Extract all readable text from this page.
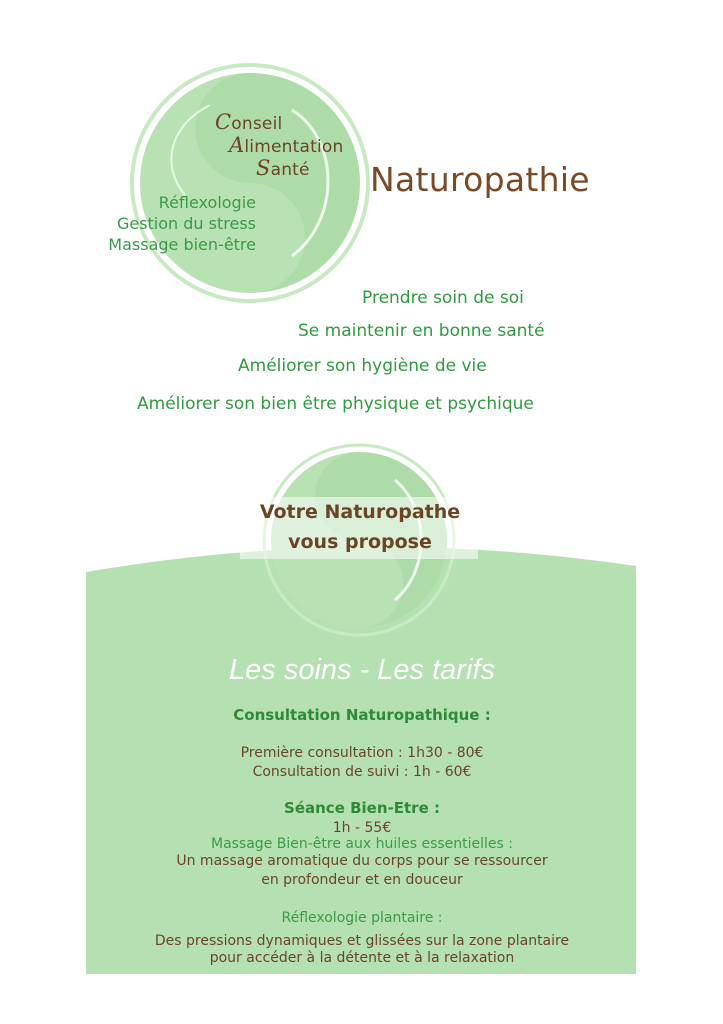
Conseil
Alimentation
Santé
Réflexologie
Gestion du stress
Massage bien-être
Naturopathie
Prendre soin de soi
Se maintenir en bonne santé
Améliorer son hygiène de vie
Améliorer son bien être physique et psychique
Votre Naturopathe
vous propose
Les soins - Les tarifs
Consultation Naturopathique :
Première consultation : 1h30 - 80€
Consultation de suivi : 1h - 60€
Séance Bien-Etre :
1h - 55€
Massage Bien-être aux huiles essentielles :
Un massage aromatique du corps pour se ressourcer
en profondeur et en douceur
Réflexologie plantaire :
Des pressions dynamiques et glissées sur la zone plantaire
pour accéder à la détente et à la relaxation
